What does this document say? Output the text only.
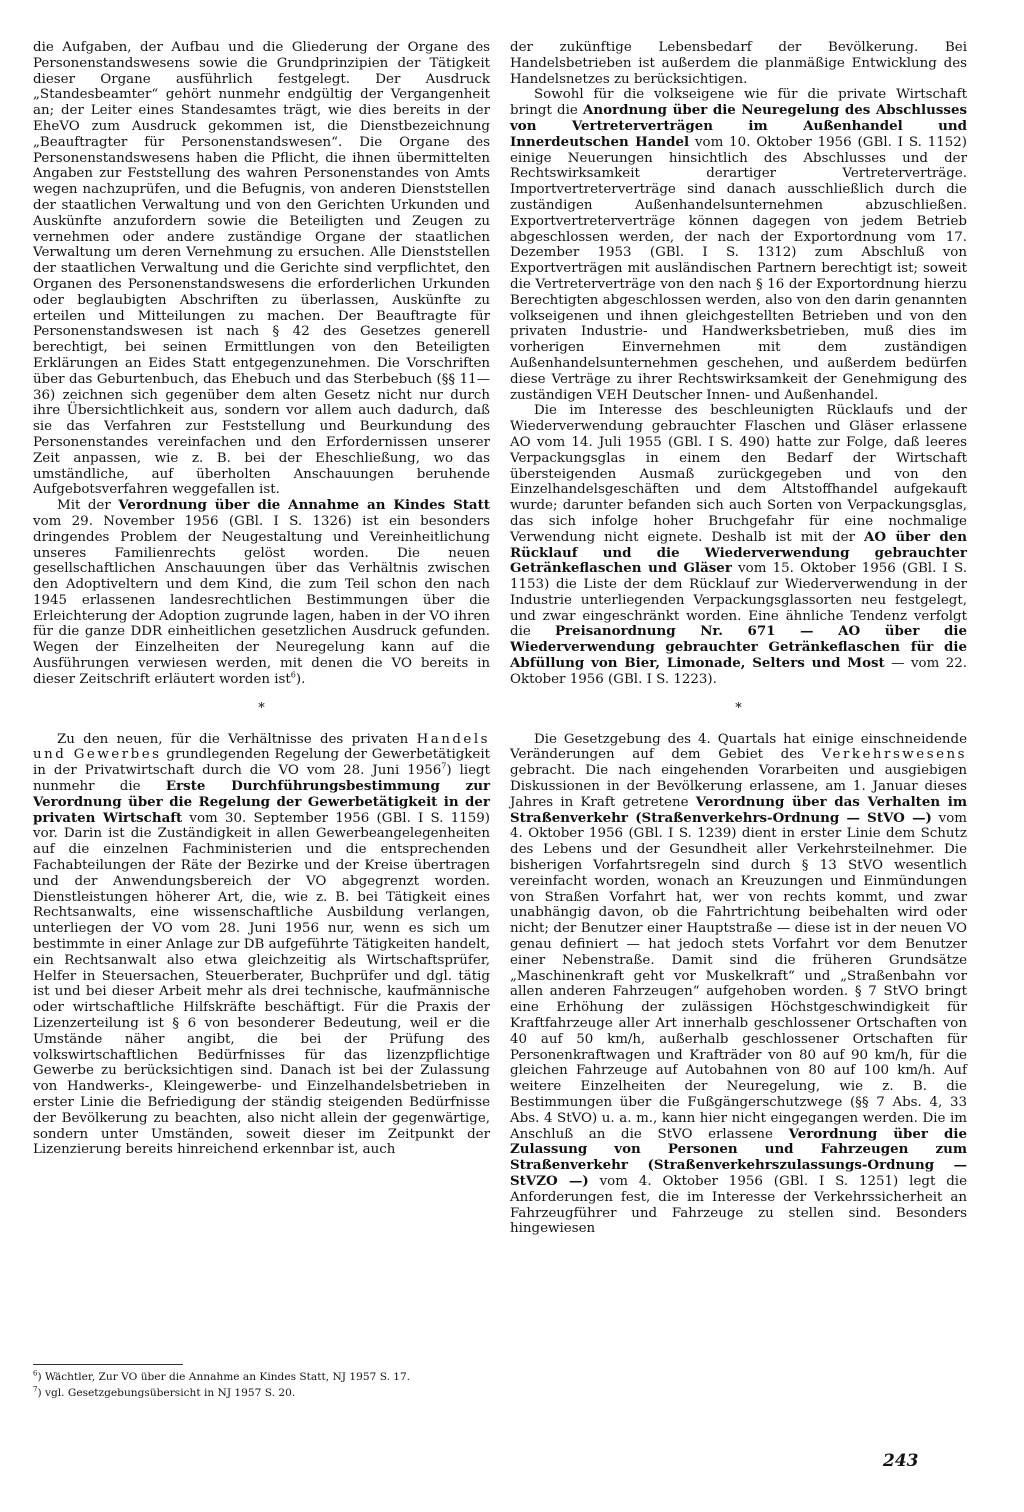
die Aufgaben, der Aufbau und die Gliederung der Organe des Personenstandswesens sowie die Grundprinzipien der Tätigkeit dieser Organe ausführlich festgelegt. Der Ausdruck „Standesbeamter“ gehört nunmehr endgültig der Vergangenheit an; der Leiter eines Standesamtes trägt, wie dies bereits in der EheVO zum Ausdruck gekommen ist, die Dienstbezeichnung „Beauftragter für Personenstandswesen“. Die Organe des Personenstandswesens haben die Pflicht, die ihnen übermittelten Angaben zur Feststellung des wahren Personenstandes von Amts wegen nachzuprüfen, und die Befugnis, von anderen Dienststellen der staatlichen Verwaltung und von den Gerichten Urkunden und Auskünfte anzufordern sowie die Beteiligten und Zeugen zu vernehmen oder andere zuständige Organe der staatlichen Verwaltung um deren Vernehmung zu ersuchen. Alle Dienststellen der staatlichen Verwaltung und die Gerichte sind verpflichtet, den Organen des Personenstandswesens die erforderlichen Urkunden oder beglaubigten Abschriften zu überlassen, Auskünfte zu erteilen und Mitteilungen zu machen. Der Beauftragte für Personenstandswesen ist nach § 42 des Gesetzes generell berechtigt, bei seinen Ermittlungen von den Beteiligten Erklärungen an Eides Statt entgegenzunehmen. Die Vorschriften über das Geburtenbuch, das Ehebuch und das Sterbebuch (§§ 11—36) zeichnen sich gegenüber dem alten Gesetz nicht nur durch ihre Übersichtlichkeit aus, sondern vor allem auch dadurch, daß sie das Verfahren zur Feststellung und Beurkundung des Personenstandes vereinfachen und den Erfordernissen unserer Zeit anpassen, wie z. B. bei der Eheschließung, wo das umständliche, auf überholten Anschauungen beruhende Aufgebotsverfahren weggefallen ist.

Mit der Verordnung über die Annahme an Kindes Statt vom 29. November 1956 (GBl. I S. 1326) ist ein besonders dringendes Problem der Neugestaltung und Vereinheitlichung unseres Familienrechts gelöst worden. Die neuen gesellschaftlichen Anschauungen über das Verhältnis zwischen den Adoptiveltern und dem Kind, die zum Teil schon den nach 1945 erlassenen landesrechtlichen Bestimmungen über die Erleichterung der Adoption zugrunde lagen, haben in der VO ihren für die ganze DDR einheitlichen gesetzlichen Ausdruck gefunden. Wegen der Einzelheiten der Neuregelung kann auf die Ausführungen verwiesen werden, mit denen die VO bereits in dieser Zeitschrift erläutert worden ist$^6$).

*

Zu den neuen, für die Verhältnisse des privaten Handels und Gewerbes grundlegenden Regelung der Gewerbetätigkeit in der Privatwirtschaft durch die VO vom 28. Juni 1956$^7$) liegt nunmehr die Erste Durchführungsbestimmung zur Verordnung über die Regelung der Gewerbetätigkeit in der privaten Wirtschaft vom 30. September 1956 (GBl. I S. 1159) vor. Darin ist die Zuständigkeit in allen Gewerbeangelegenheiten auf die einzelnen Fachministerien und die entsprechenden Fachabteilungen der Räte der Bezirke und der Kreise übertragen und der Anwendungsbereich der VO abgegrenzt worden. Dienstleistungen höherer Art, die, wie z. B. bei Tätigkeit eines Rechtsanwalts, eine wissenschaftliche Ausbildung verlangen, unterliegen der VO vom 28. Juni 1956 nur, wenn es sich um bestimmte in einer Anlage zur DB aufgeführte Tätigkeiten handelt, ein Rechtsanwalt also etwa gleichzeitig als Wirtschaftsprüfer, Helfer in Steuersachen, Steuerberater, Buchprüfer und dgl. tätig ist und bei dieser Arbeit mehr als drei technische, kaufmännische oder wirtschaftliche Hilfskräfte beschäftigt. Für die Praxis der Lizenzerteilung ist § 6 von besonderer Bedeutung, weil er die Umstände näher angibt, die bei der Prüfung des volkswirtschaftlichen Bedürfnisses für das lizenzpflichtige Gewerbe zu berücksichtigen sind. Danach ist bei der Zulassung von Handwerks-, Kleingewerbe- und Einzelhandelsbetrieben in erster Linie die Befriedigung der ständig steigenden Bedürfnisse der Bevölkerung zu beachten, also nicht allein der gegenwärtige, sondern unter Umständen, soweit dieser im Zeitpunkt der Lizenzierung bereits hinreichend erkennbar ist, auch

$^6$) Wächtler, Zur VO über die Annahme an Kindes Statt, NJ 1957 S. 17.

$^7$) vgl. Gesetzgebungsübersicht in NJ 1957 S. 20.

der zukünftige Lebensbedarf der Bevölkerung. Bei Handelsbetrieben ist außerdem die planmäßige Entwicklung des Handelsnetzes zu berücksichtigen.

Sowohl für die volkseigene wie für die private Wirtschaft bringt die Anordnung über die Neuregelung des Abschlusses von Vertreterverträgen im Außenhandel und Innerdeutschen Handel vom 10. Oktober 1956 (GBl. I S. 1152) einige Neuerungen hinsichtlich des Abschlusses und der Rechtswirksamkeit derartiger Vertreterverträge. Importvertreterverträge sind danach ausschließlich durch die zuständigen Außenhandelsunternehmen abzuschließen. Exportvertreterverträge können dagegen von jedem Betrieb abgeschlossen werden, der nach der Exportordnung vom 17. Dezember 1953 (GBl. I S. 1312) zum Abschluß von Exportverträgen mit ausländischen Partnern berechtigt ist; soweit die Vertreterverträge von den nach § 16 der Exportordnung hierzu Berechtigten abgeschlossen werden, also von den darin genannten volkseigenen und ihnen gleichgestellten Betrieben und von den privaten Industrie- und Handwerksbetrieben, muß dies im vorherigen Einvernehmen mit dem zuständigen Außenhandelsunternehmen geschehen, und außerdem bedürfen diese Verträge zu ihrer Rechtswirksamkeit der Genehmigung des zuständigen VEH Deutscher Innen- und Außenhandel.

Die im Interesse des beschleunigten Rücklaufs und der Wiederverwendung gebrauchter Flaschen und Gläser erlassene AO vom 14. Juli 1955 (GBl. I S. 490) hatte zur Folge, daß leeres Verpackungsglas in einem den Bedarf der Wirtschaft übersteigenden Ausmaß zurückgegeben und von den Einzelhandelsgeschäften und dem Altstoffhandel aufgekauft wurde; darunter befanden sich auch Sorten von Verpackungsglas, das sich infolge hoher Bruchgefahr für eine nochmalige Verwendung nicht eignete. Deshalb ist mit der AO über den Rücklauf und die Wiederverwendung gebrauchter Getränkeflaschen und Gläser vom 15. Oktober 1956 (GBl. I S. 1153) die Liste der dem Rücklauf zur Wiederverwendung in der Industrie unterliegenden Verpackungsglassorten neu festgelegt, und zwar eingeschränkt worden. Eine ähnliche Tendenz verfolgt die Preisanordnung Nr. 671 — AO über die Wiederverwendung gebrauchter Getränkeflaschen für die Abfüllung von Bier, Limonade, Selters und Most — vom 22. Oktober 1956 (GBl. I S. 1223).

*

Die Gesetzgebung des 4. Quartals hat einige einschneidende Veränderungen auf dem Gebiet des Verkehrswesens gebracht. Die nach eingehenden Vorarbeiten und ausgiebigen Diskussionen in der Bevölkerung erlassene, am 1. Januar dieses Jahres in Kraft getretene Verordnung über das Verhalten im Straßenverkehr (Straßenverkehrs-Ordnung — StVO —) vom 4. Oktober 1956 (GBl. I S. 1239) dient in erster Linie dem Schutz des Lebens und der Gesundheit aller Verkehrsteilnehmer. Die bisherigen Vorfahrtsregeln sind durch § 13 StVO wesentlich vereinfacht worden, wonach an Kreuzungen und Einmündungen von Straßen Vorfahrt hat, wer von rechts kommt, und zwar unabhängig davon, ob die Fahrtrichtung beibehalten wird oder nicht; der Benutzer einer Hauptstraße — diese ist in der neuen VO genau definiert — hat jedoch stets Vorfahrt vor dem Benutzer einer Nebenstraße. Damit sind die früheren Grundsätze „Maschinenkraft geht vor Muskelkraft“ und „Straßenbahn vor allen anderen Fahrzeugen“ aufgehoben worden. § 7 StVO bringt eine Erhöhung der zulässigen Höchstgeschwindigkeit für Kraftfahrzeuge aller Art innerhalb geschlossener Ortschaften von 40 auf 50 km/h, außerhalb geschlossener Ortschaften für Personenkraftwagen und Krafträder von 80 auf 90 km/h, für die gleichen Fahrzeuge auf Autobahnen von 80 auf 100 km/h. Auf weitere Einzelheiten der Neuregelung, wie z. B. die Bestimmungen über die Fußgängerschutzwege (§§ 7 Abs. 4, 33 Abs. 4 StVO) u. a. m., kann hier nicht eingegangen werden. Die im Anschluß an die StVO erlassene Verordnung über die Zulassung von Personen und Fahrzeugen zum Straßenverkehr (Straßenverkehrszulassungs-Ordnung — StVZO —) vom 4. Oktober 1956 (GBl. I S. 1251) legt die Anforderungen fest, die im Interesse der Verkehrssicherheit an Fahrzeugführer und Fahrzeuge zu stellen sind. Besonders hingewiesen

243
